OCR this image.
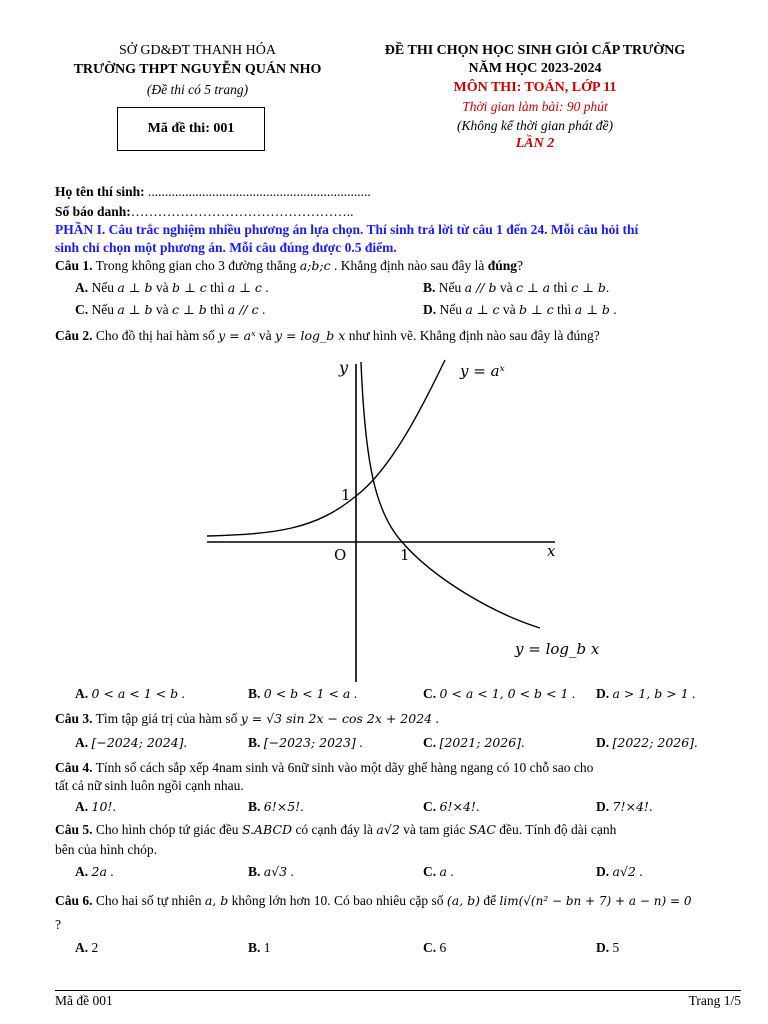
SỞ GD&ĐT THANH HÓA
TRƯỜNG THPT NGUYỄN QUÁN NHO
(Đề thi có 5 trang)
Mã đề thi: 001
ĐỀ THI CHỌN HỌC SINH GIỎI CẤP TRƯỜNG
NĂM HỌC 2023-2024
MÔN THI: TOÁN, LỚP 11
Thời gian làm bài: 90 phút
(Không kể thời gian phát đề)
LẦN 2
Họ tên thí sinh: ..................................................................
Số báo danh:…………………………………………..
PHẦN I. Câu trắc nghiệm nhiều phương án lựa chọn. Thí sinh trả lời từ câu 1 đến 24. Mỗi câu hỏi thí
sinh chỉ chọn một phương án. Mỗi câu đúng được 0.5 điểm.
Câu 1. Trong không gian cho 3 đường thẳng a;b;c . Khẳng định nào sau đây là đúng?
A. Nếu a ⊥ b và b ⊥ c thì a ⊥ c .	B. Nếu a // b và c ⊥ a thì c ⊥ b.
C. Nếu a ⊥ b và c ⊥ b thì a // c .	D. Nếu a ⊥ c và b ⊥ c thì a ⊥ b .
Câu 2. Cho đồ thị hai hàm số y = aˣ và y = log_b x như hình vẽ. Khẳng định nào sau đây là đúng?
y
x
O	1
1
y = aˣ
y = log_b x
A. 0 < a < 1 < b .	B. 0 < b < 1 < a .	C. 0 < a < 1, 0 < b < 1 . D. a > 1, b > 1 .
Câu 3. Tìm tập giá trị của hàm số y = √3 sin 2x − cos 2x + 2024 .
A. [−2024; 2024].	B. [−2023; 2023] .	C. [2021; 2026].	D. [2022; 2026].
Câu 4. Tính số cách sắp xếp 4nam sinh và 6nữ sinh vào một dãy ghế hàng ngang có 10 chỗ sao cho
tất cả nữ sinh luôn ngồi cạnh nhau.
A. 10!.	B. 6!×5!.	C. 6!×4!.	D. 7!×4!.
Câu 5. Cho hình chóp tứ giác đều S.ABCD có cạnh đáy là a√2 và tam giác SAC đều. Tính độ dài cạnh
bên của hình chóp.
A. 2a .	B. a√3 .	C. a .	D. a√2 .
Câu 6. Cho hai số tự nhiên a, b không lớn hơn 10. Có bao nhiêu cặp số (a, b) để lim(√(n² − bn + 7) + a − n) = 0
?
A. 2	B. 1	C. 6	D. 5
Mã đề 001	Trang 1/5
